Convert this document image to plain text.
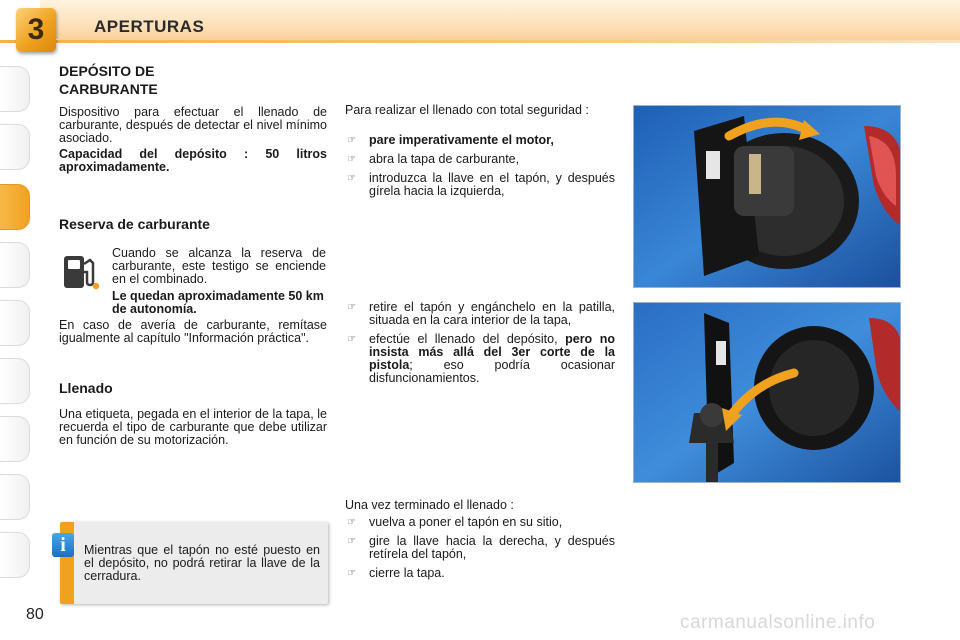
3	APERTURAS
DEPÓSITO DE
CARBURANTE
Dispositivo para efectuar el llenado de carburante, después de detectar el nivel mínimo asociado.
Capacidad del depósito : 50 litros aproximadamente.
Reserva de carburante
Cuando se alcanza la reserva de carburante, este testigo se enciende en el combinado.
Le quedan aproximadamente 50 km de autonomía.
En caso de avería de carburante, remítase igualmente al capítulo "Información práctica".
Llenado
Una etiqueta, pegada en el interior de la tapa, le recuerda el tipo de carburante que debe utilizar en función de su motorización.
i	Mientras que el tapón no esté puesto en el depósito, no podrá retirar la llave de la cerradura.
Para realizar el llenado con total seguridad :
☞ pare imperativamente el motor,
☞ abra la tapa de carburante,
☞ introduzca la llave en el tapón, y después gírela hacia la izquierda,
☞ retire el tapón y engánchelo en la patilla, situada en la cara interior de la tapa,
☞ efectúe el llenado del depósito, pero no insista más allá del 3er corte de la pistola; eso podría ocasionar disfuncionamientos.
Una vez terminado el llenado :
☞ vuelva a poner el tapón en su sitio,
☞ gire la llave hacia la derecha, y después retírela del tapón,
☞ cierre la tapa.
80	carmanualsonline.info
